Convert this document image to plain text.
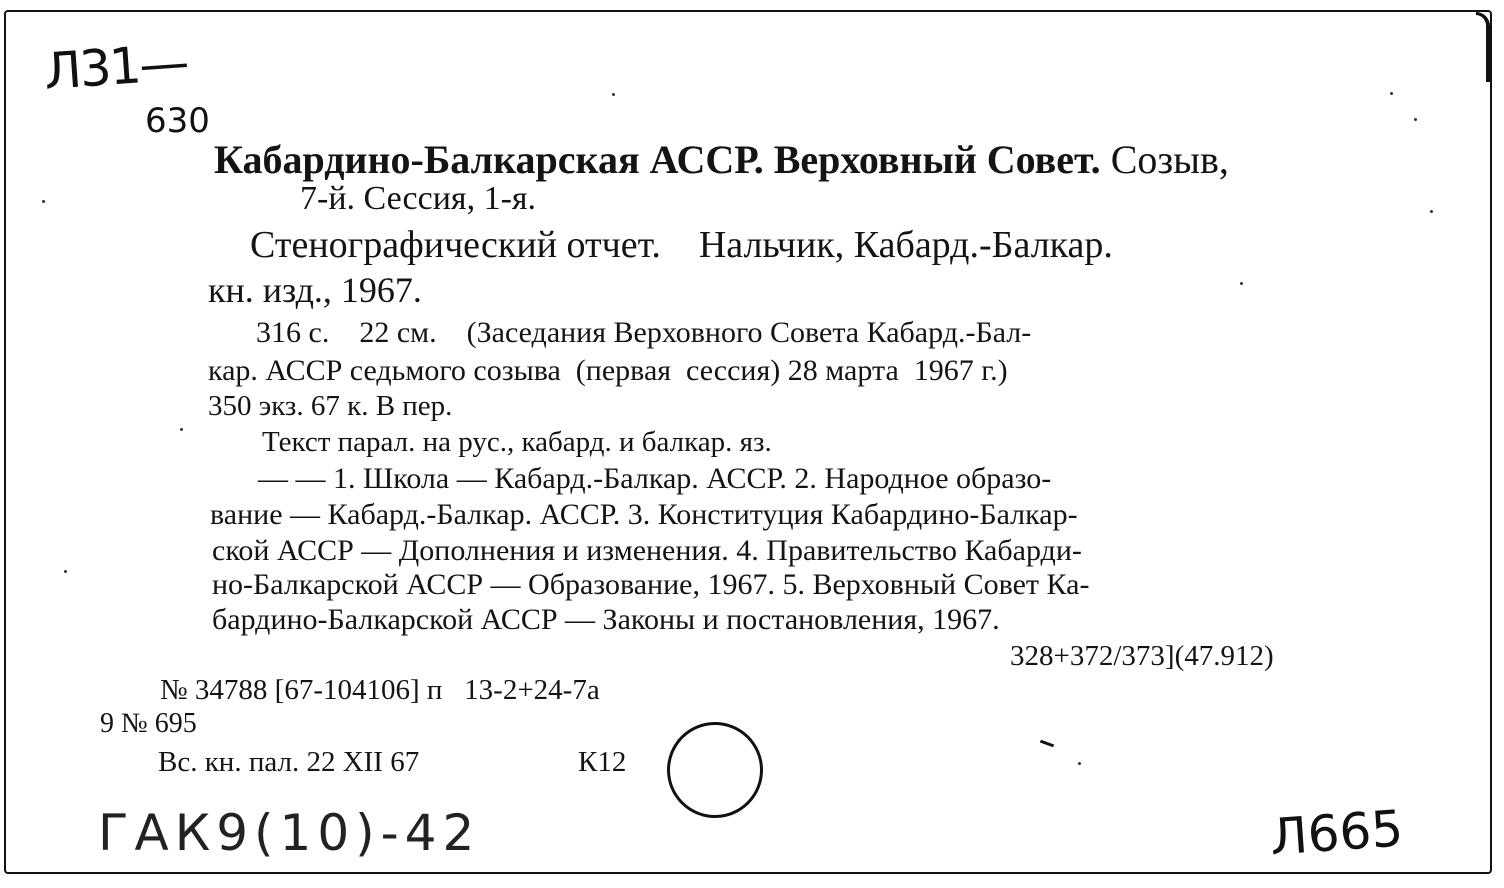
Л31—
630
Кабардино-Балкарская АССР. Верховный Совет. Созыв,
7-й. Сессия, 1-я.
Стенографический отчет.    Нальчик, Кабард.-Балкар.
кн. изд., 1967.
316 с.    22 см.    (Заседания Верховного Совета Кабард.-Бал-
кар. АССР седьмого созыва  (первая  сессия) 28 марта  1967 г.)
350 экз. 67 к. В пер.
Текст парал. на рус., кабард. и балкар. яз.
— — 1. Школа — Кабард.-Балкар. АССР. 2. Народное образо-
вание — Кабард.-Балкар. АССР. 3. Конституция Кабардино-Балкар-
ской АССР — Дополнения и изменения. 4. Правительство Кабарди-
но-Балкарской АССР — Образование, 1967. 5. Верховный Совет Ка-
бардино-Балкарской АССР — Законы и постановления, 1967.
328+372/373](47.912)
№ 34788 [67-104106] п   13-2+24-7а
9 № 695
Вс. кн. пал. 22 XII 67	К12
ГАК9(10)-42	Л665
